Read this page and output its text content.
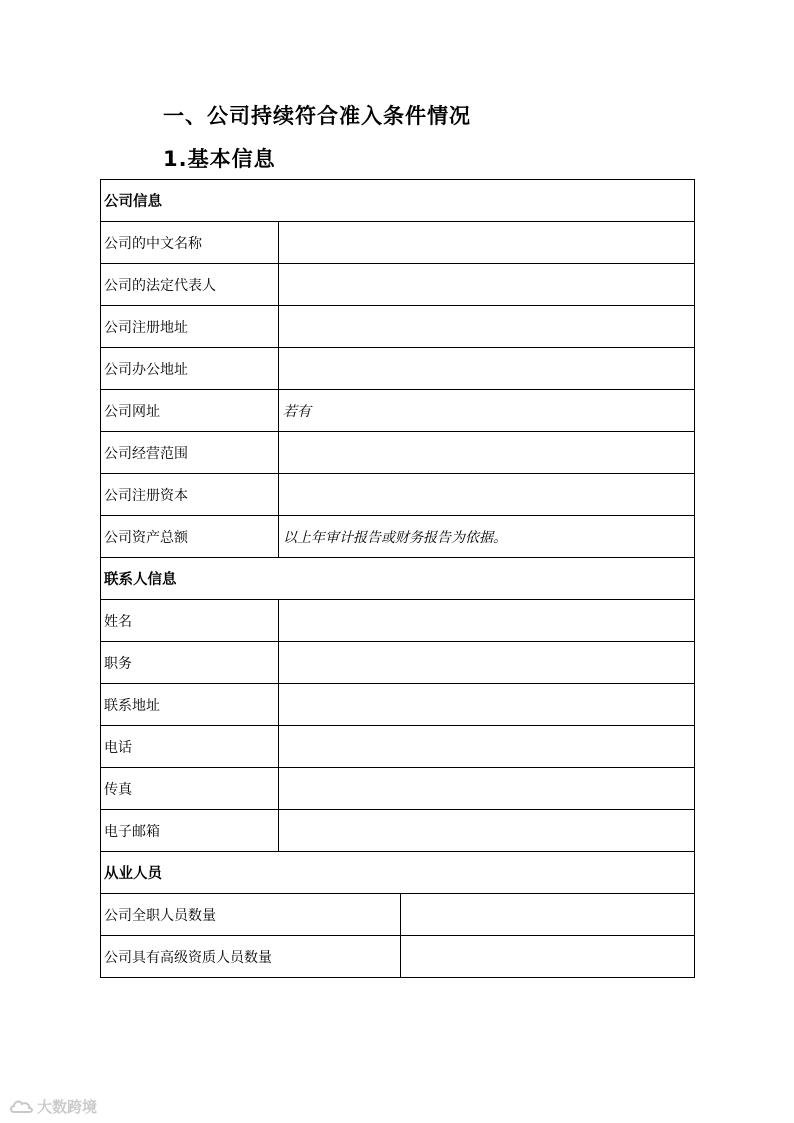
一、公司持续符合准入条件情况
1.基本信息
公司信息		
公司的中文名称		
公司的法定代表人		
公司注册地址		
公司办公地址		
公司网址	若有	
公司经营范围		
公司注册资本		
公司资产总额	以上年审计报告或财务报告为依据。	
联系人信息		
姓名		
职务		
联系地址		
电话		
传真		
电子邮箱		
从业人员		
公司全职人员数量		
公司具有高级资质人员数量		
大数跨境
